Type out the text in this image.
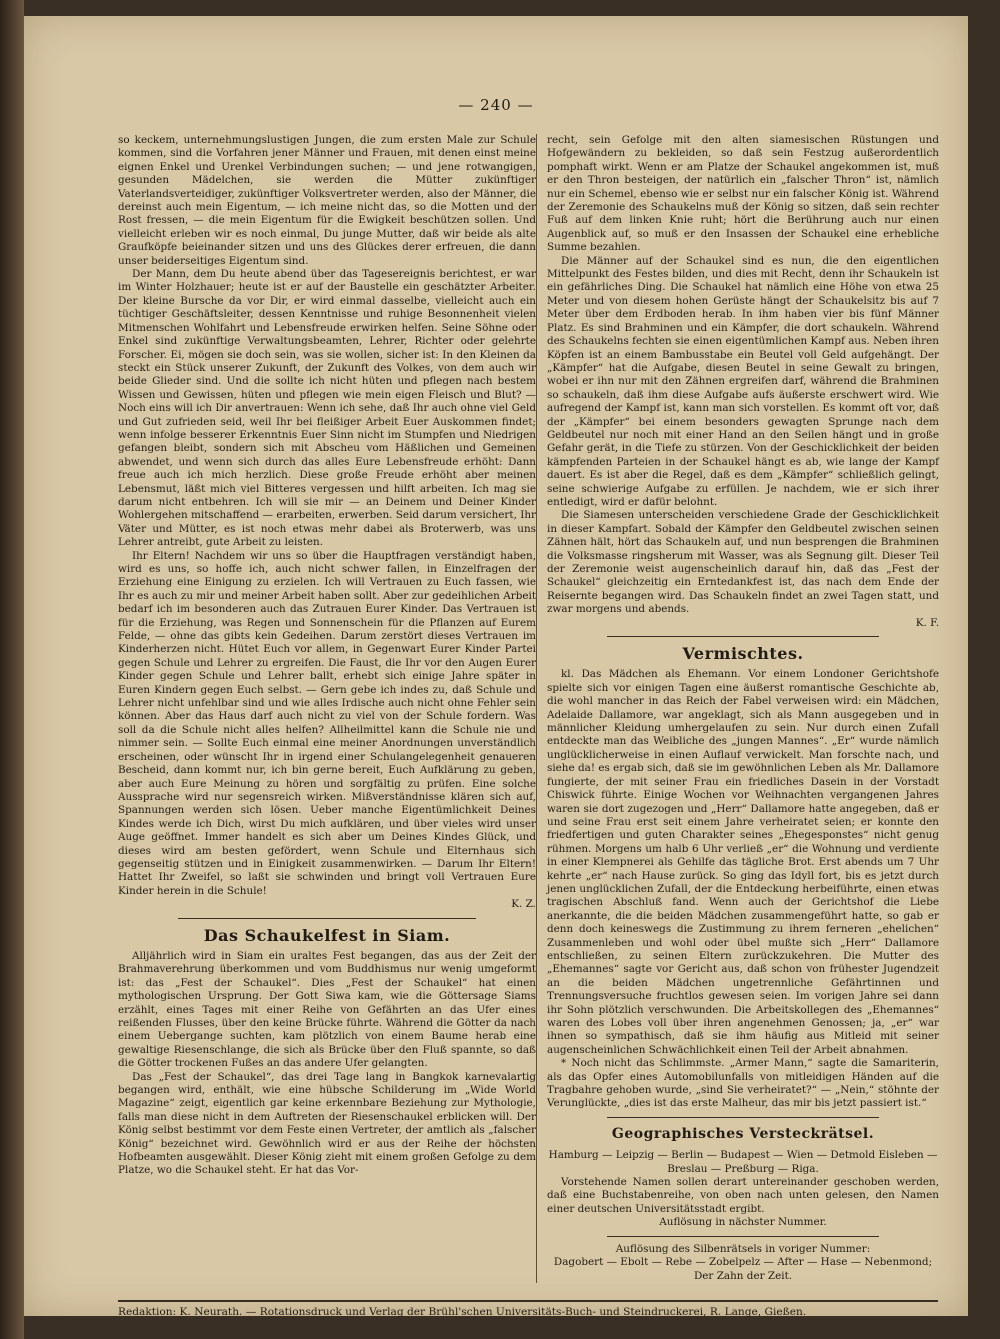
— 240 —

so keckem, unternehmungslustigen Jungen, die zum ersten Male zur Schule kommen, sind die Vorfahren jener Männer und Frauen, mit denen einst meine eignen Enkel und Urenkel Verbindungen suchen; — und jene rotwangigen, gesunden Mädelchen, sie werden die Mütter zukünftiger Vaterlandsverteidiger, zukünftiger Volksvertreter werden, also der Männer, die dereinst auch mein Eigentum, — ich meine nicht das, so die Motten und der Rost fressen, — die mein Eigentum für die Ewigkeit beschützen sollen. Und vielleicht erleben wir es noch einmal, Du junge Mutter, daß wir beide als alte Graufköpfe beieinander sitzen und uns des Glückes derer erfreuen, die dann unser beiderseitiges Eigentum sind.

Der Mann, dem Du heute abend über das Tagesereignis berichtest, er war im Winter Holzhauer; heute ist er auf der Baustelle ein geschätzter Arbeiter. Der kleine Bursche da vor Dir, er wird einmal dasselbe, vielleicht auch ein tüchtiger Geschäftsleiter, dessen Kenntnisse und ruhige Besonnenheit vielen Mitmenschen Wohlfahrt und Lebensfreude erwirken helfen. Seine Söhne oder Enkel sind zukünftige Verwaltungsbeamten, Lehrer, Richter oder gelehrte Forscher. Ei, mögen sie doch sein, was sie wollen, sicher ist: In den Kleinen da steckt ein Stück unserer Zukunft, der Zukunft des Volkes, von dem auch wir beide Glieder sind. Und die sollte ich nicht hüten und pflegen nach bestem Wissen und Gewissen, hüten und pflegen wie mein eigen Fleisch und Blut? — Noch eins will ich Dir anvertrauen: Wenn ich sehe, daß Ihr auch ohne viel Geld und Gut zufrieden seid, weil Ihr bei fleißiger Arbeit Euer Auskommen findet; wenn infolge besserer Erkenntnis Euer Sinn nicht im Stumpfen und Niedrigen gefangen bleibt, sondern sich mit Abscheu vom Häßlichen und Gemeinen abwendet, und wenn sich durch das alles Eure Lebensfreude erhöht: Dann freue auch ich mich herzlich. Diese große Freude erhöht aber meinen Lebensmut, läßt mich viel Bitteres vergessen und hilft arbeiten. Ich mag sie darum nicht entbehren. Ich will sie mir — an Deinem und Deiner Kinder Wohlergehen mitschaffend — erarbeiten, erwerben. Seid darum versichert, Ihr Väter und Mütter, es ist noch etwas mehr dabei als Broterwerb, was uns Lehrer antreibt, gute Arbeit zu leisten.

Ihr Eltern! Nachdem wir uns so über die Hauptfragen verständigt haben, wird es uns, so hoffe ich, auch nicht schwer fallen, in Einzelfragen der Erziehung eine Einigung zu erzielen. Ich will Vertrauen zu Euch fassen, wie Ihr es auch zu mir und meiner Arbeit haben sollt. Aber zur gedeihlichen Arbeit bedarf ich im besonderen auch das Zutrauen Eurer Kinder. Das Vertrauen ist für die Erziehung, was Regen und Sonnenschein für die Pflanzen auf Eurem Felde, — ohne das gibts kein Gedeihen. Darum zerstört dieses Vertrauen im Kinderherzen nicht. Hütet Euch vor allem, in Gegenwart Eurer Kinder Partei gegen Schule und Lehrer zu ergreifen. Die Faust, die Ihr vor den Augen Eurer Kinder gegen Schule und Lehrer ballt, erhebt sich einige Jahre später in Euren Kindern gegen Euch selbst. — Gern gebe ich indes zu, daß Schule und Lehrer nicht unfehlbar sind und wie alles Irdische auch nicht ohne Fehler sein können. Aber das Haus darf auch nicht zu viel von der Schule fordern. Was soll da die Schule nicht alles helfen? Allheilmittel kann die Schule nie und nimmer sein. — Sollte Euch einmal eine meiner Anordnungen unverständlich erscheinen, oder wünscht Ihr in irgend einer Schulangelegenheit genaueren Bescheid, dann kommt nur, ich bin gerne bereit, Euch Aufklärung zu geben, aber auch Eure Meinung zu hören und sorgfältig zu prüfen. Eine solche Aussprache wird nur segensreich wirken. Mißverständnisse klären sich auf, Spannungen werden sich lösen. Ueber manche Eigentümlichkeit Deines Kindes werde ich Dich, wirst Du mich aufklären, und über vieles wird unser Auge geöffnet. Immer handelt es sich aber um Deines Kindes Glück, und dieses wird am besten gefördert, wenn Schule und Elternhaus sich gegenseitig stützen und in Einigkeit zusammenwirken. — Darum Ihr Eltern! Hattet Ihr Zweifel, so laßt sie schwinden und bringt voll Vertrauen Eure Kinder herein in die Schule!

K. Z.

Das Schaukelfest in Siam.

Alljährlich wird in Siam ein uraltes Fest begangen, das aus der Zeit der Brahmaverehrung überkommen und vom Buddhismus nur wenig umgeformt ist: das „Fest der Schaukel“. Dies „Fest der Schaukel“ hat einen mythologischen Ursprung. Der Gott Siwa kam, wie die Göttersage Siams erzählt, eines Tages mit einer Reihe von Gefährten an das Ufer eines reißenden Flusses, über den keine Brücke führte. Während die Götter da nach einem Uebergange suchten, kam plötzlich von einem Baume herab eine gewaltige Riesenschlange, die sich als Brücke über den Fluß spannte, so daß die Götter trockenen Fußes an das andere Ufer gelangten.

Das „Fest der Schaukel“, das drei Tage lang in Bangkok karnevalartig begangen wird, enthält, wie eine hübsche Schilderung im „Wide World Magazine“ zeigt, eigentlich gar keine erkennbare Beziehung zur Mythologie, falls man diese nicht in dem Auftreten der Riesenschaukel erblicken will. Der König selbst bestimmt vor dem Feste einen Vertreter, der amtlich als „falscher König“ bezeichnet wird. Gewöhnlich wird er aus der Reihe der höchsten Hofbeamten ausgewählt. Dieser König zieht mit einem großen Gefolge zu dem Platze, wo die Schaukel steht. Er hat das Vor-

recht, sein Gefolge mit den alten siamesischen Rüstungen und Hofgewändern zu bekleiden, so daß sein Festzug außerordentlich pomphaft wirkt. Wenn er am Platze der Schaukel angekommen ist, muß er den Thron besteigen, der natürlich ein „falscher Thron“ ist, nämlich nur ein Schemel, ebenso wie er selbst nur ein falscher König ist. Während der Zeremonie des Schaukelns muß der König so sitzen, daß sein rechter Fuß auf dem linken Knie ruht; hört die Berührung auch nur einen Augenblick auf, so muß er den Insassen der Schaukel eine erhebliche Summe bezahlen.

Die Männer auf der Schaukel sind es nun, die den eigentlichen Mittelpunkt des Festes bilden, und dies mit Recht, denn ihr Schaukeln ist ein gefährliches Ding. Die Schaukel hat nämlich eine Höhe von etwa 25 Meter und von diesem hohen Gerüste hängt der Schaukelsitz bis auf 7 Meter über dem Erdboden herab. In ihm haben vier bis fünf Männer Platz. Es sind Brahminen und ein Kämpfer, die dort schaukeln. Während des Schaukelns fechten sie einen eigentümlichen Kampf aus. Neben ihren Köpfen ist an einem Bambusstabe ein Beutel voll Geld aufgehängt. Der „Kämpfer“ hat die Aufgabe, diesen Beutel in seine Gewalt zu bringen, wobei er ihn nur mit den Zähnen ergreifen darf, während die Brahminen so schaukeln, daß ihm diese Aufgabe aufs äußerste erschwert wird. Wie aufregend der Kampf ist, kann man sich vorstellen. Es kommt oft vor, daß der „Kämpfer“ bei einem besonders gewagten Sprunge nach dem Geldbeutel nur noch mit einer Hand an den Seilen hängt und in große Gefahr gerät, in die Tiefe zu stürzen. Von der Geschicklichkeit der beiden kämpfenden Parteien in der Schaukel hängt es ab, wie lange der Kampf dauert. Es ist aber die Regel, daß es dem „Kämpfer“ schließlich gelingt, seine schwierige Aufgabe zu erfüllen. Je nachdem, wie er sich ihrer entledigt, wird er dafür belohnt.

Die Siamesen unterscheiden verschiedene Grade der Geschicklichkeit in dieser Kampfart. Sobald der Kämpfer den Geldbeutel zwischen seinen Zähnen hält, hört das Schaukeln auf, und nun besprengen die Brahminen die Volksmasse ringsherum mit Wasser, was als Segnung gilt. Dieser Teil der Zeremonie weist augenscheinlich darauf hin, daß das „Fest der Schaukel“ gleichzeitig ein Erntedankfest ist, das nach dem Ende der Reisernte begangen wird. Das Schaukeln findet an zwei Tagen statt, und zwar morgens und abends.

K. F.

Vermischtes.

kl. Das Mädchen als Ehemann. Vor einem Londoner Gerichtshofe spielte sich vor einigen Tagen eine äußerst romantische Geschichte ab, die wohl mancher in das Reich der Fabel verweisen wird: ein Mädchen, Adelaide Dallamore, war angeklagt, sich als Mann ausgegeben und in männlicher Kleidung umhergelaufen zu sein. Nur durch einen Zufall entdeckte man das Weibliche des „jungen Mannes“. „Er“ wurde nämlich unglücklicherweise in einen Auflauf verwickelt. Man forschte nach, und siehe da! es ergab sich, daß sie im gewöhnlichen Leben als Mr. Dallamore fungierte, der mit seiner Frau ein friedliches Dasein in der Vorstadt Chiswick führte. Einige Wochen vor Weihnachten vergangenen Jahres waren sie dort zugezogen und „Herr“ Dallamore hatte angegeben, daß er und seine Frau erst seit einem Jahre verheiratet seien; er konnte den friedfertigen und guten Charakter seines „Ehegesponstes“ nicht genug rühmen. Morgens um halb 6 Uhr verließ „er“ die Wohnung und verdiente in einer Klempnerei als Gehilfe das tägliche Brot. Erst abends um 7 Uhr kehrte „er“ nach Hause zurück. So ging das Idyll fort, bis es jetzt durch jenen unglücklichen Zufall, der die Entdeckung herbeiführte, einen etwas tragischen Abschluß fand. Wenn auch der Gerichtshof die Liebe anerkannte, die die beiden Mädchen zusammengeführt hatte, so gab er denn doch keineswegs die Zustimmung zu ihrem ferneren „ehelichen“ Zusammenleben und wohl oder übel mußte sich „Herr“ Dallamore entschließen, zu seinen Eltern zurückzukehren. Die Mutter des „Ehemannes“ sagte vor Gericht aus, daß schon von frühester Jugendzeit an die beiden Mädchen ungetrennliche Gefährtinnen und Trennungsversuche fruchtlos gewesen seien. Im vorigen Jahre sei dann ihr Sohn plötzlich verschwunden. Die Arbeitskollegen des „Ehemannes“ waren des Lobes voll über ihren angenehmen Genossen; ja, „er“ war ihnen so sympathisch, daß sie ihm häufig aus Mitleid mit seiner augenscheinlichen Schwächlichkeit einen Teil der Arbeit abnahmen.

* Noch nicht das Schlimmste. „Armer Mann,“ sagte die Samariterin, als das Opfer eines Automobilunfalls von mitleidigen Händen auf die Tragbahre gehoben wurde, „sind Sie verheiratet?“ — „Nein,“ stöhnte der Verunglückte, „dies ist das erste Malheur, das mir bis jetzt passiert ist.“

Geographisches Versteckrätsel.

Hamburg — Leipzig — Berlin — Budapest — Wien — Detmold Eisleben — Breslau — Preßburg — Riga.

Vorstehende Namen sollen derart untereinander geschoben werden, daß eine Buchstabenreihe, von oben nach unten gelesen, den Namen einer deutschen Universitätsstadt ergibt.

Auflösung in nächster Nummer.

Auflösung des Silbenrätsels in voriger Nummer:

Dagobert — Ebolt — Rebe — Zobelpelz — After — Hase — Nebenmond;

Der Zahn der Zeit.

Redaktion: K. Neurath. — Rotationsdruck und Verlag der Brühl'schen Universitäts-Buch- und Steindruckerei, R. Lange, Gießen.
